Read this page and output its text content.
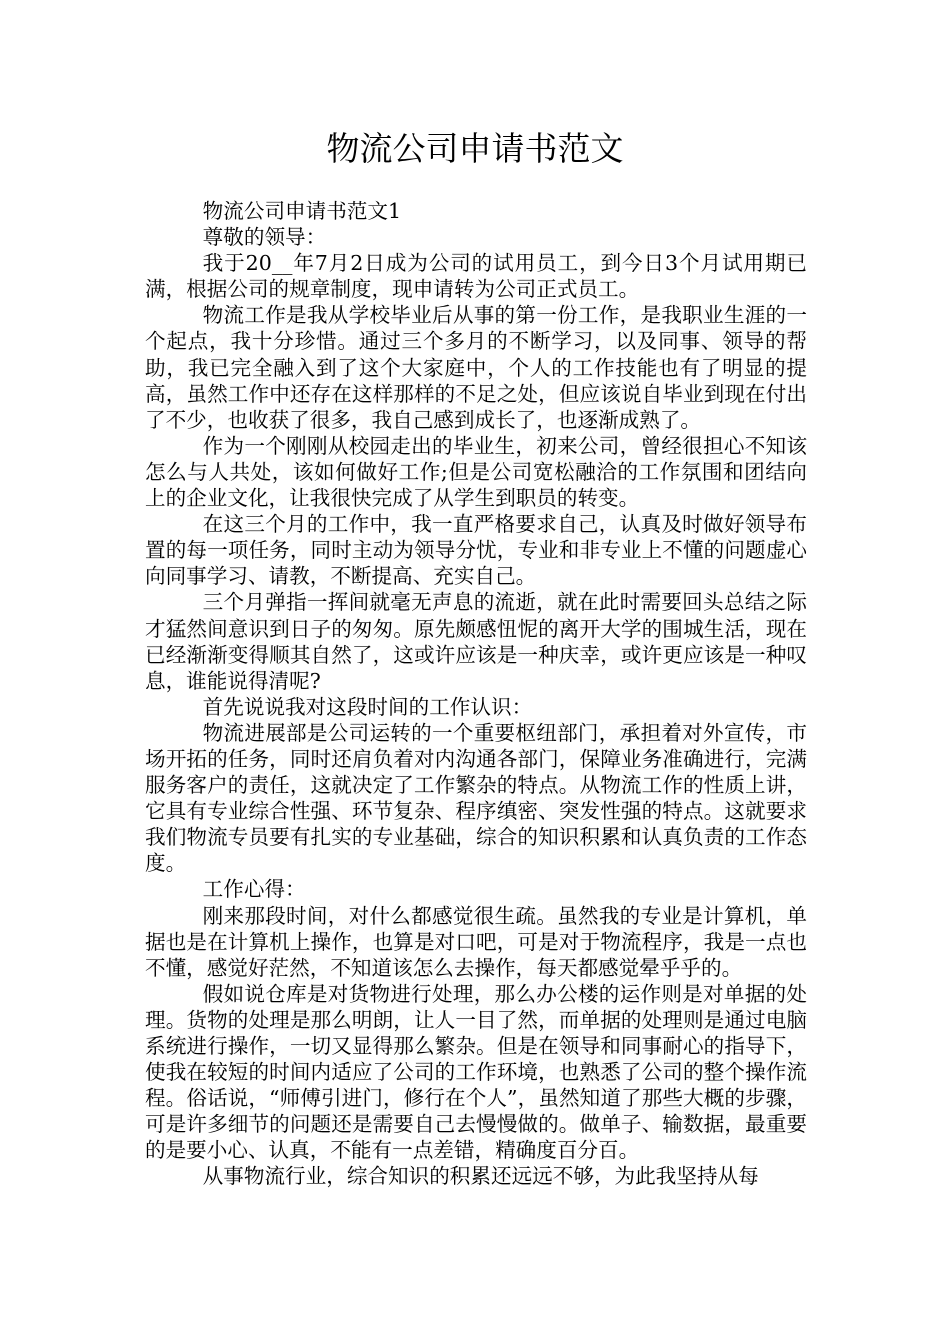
物流公司申请书范文

物流公司申请书范文1

尊敬的领导：

我于20__年7月2日成为公司的试用员工，到今日3个月试用期已满，根据公司的规章制度，现申请转为公司正式员工。

物流工作是我从学校毕业后从事的第一份工作，是我职业生涯的一个起点，我十分珍惜。通过三个多月的不断学习，以及同事、领导的帮助，我已完全融入到了这个大家庭中，个人的工作技能也有了明显的提高，虽然工作中还存在这样那样的不足之处，但应该说自毕业到现在付出了不少，也收获了很多，我自己感到成长了，也逐渐成熟了。

作为一个刚刚从校园走出的毕业生，初来公司，曾经很担心不知该怎么与人共处，该如何做好工作;但是公司宽松融洽的工作氛围和团结向上的企业文化，让我很快完成了从学生到职员的转变。

在这三个月的工作中，我一直严格要求自己，认真及时做好领导布置的每一项任务，同时主动为领导分忧，专业和非专业上不懂的问题虚心向同事学习、请教，不断提高、充实自己。

三个月弹指一挥间就毫无声息的流逝，就在此时需要回头总结之际才猛然间意识到日子的匆匆。原先颇感忸怩的离开大学的围城生活，现在已经渐渐变得顺其自然了，这或许应该是一种庆幸，或许更应该是一种叹息，谁能说得清呢?

首先说说我对这段时间的工作认识：

物流进展部是公司运转的一个重要枢纽部门，承担着对外宣传，市场开拓的任务，同时还肩负着对内沟通各部门，保障业务准确进行，完满服务客户的责任，这就决定了工作繁杂的特点。从物流工作的性质上讲，它具有专业综合性强、环节复杂、程序缜密、突发性强的特点。这就要求我们物流专员要有扎实的专业基础，综合的知识积累和认真负责的工作态度。

工作心得：

刚来那段时间，对什么都感觉很生疏。虽然我的专业是计算机，单据也是在计算机上操作，也算是对口吧，可是对于物流程序，我是一点也不懂，感觉好茫然，不知道该怎么去操作，每天都感觉晕乎乎的。

假如说仓库是对货物进行处理，那么办公楼的运作则是对单据的处理。货物的处理是那么明朗，让人一目了然，而单据的处理则是通过电脑系统进行操作，一切又显得那么繁杂。但是在领导和同事耐心的指导下，使我在较短的时间内适应了公司的工作环境，也熟悉了公司的整个操作流程。俗话说，“师傅引进门，修行在个人”，虽然知道了那些大概的步骤，可是许多细节的问题还是需要自己去慢慢做的。做单子、输数据，最重要的是要小心、认真，不能有一点差错，精确度百分百。

从事物流行业，综合知识的积累还远远不够，为此我坚持从每
